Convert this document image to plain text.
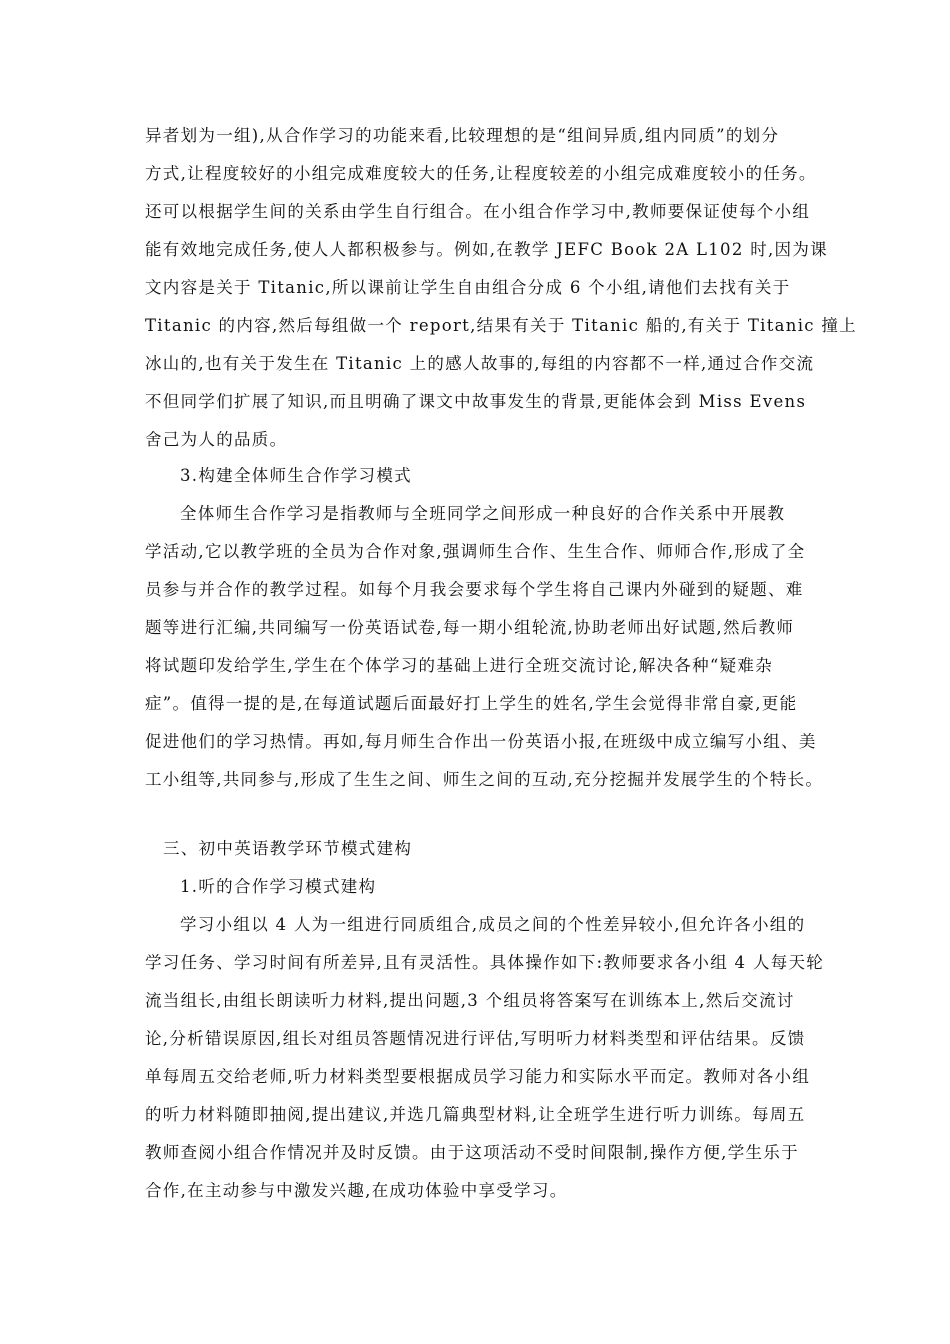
异者划为一组),从合作学习的功能来看,比较理想的是“组间异质,组内同质”的划分
方式,让程度较好的小组完成难度较大的任务,让程度较差的小组完成难度较小的任务。
还可以根据学生间的关系由学生自行组合。在小组合作学习中,教师要保证使每个小组
能有效地完成任务,使人人都积极参与。例如,在教学 JEFC Book 2A L102 时,因为课
文内容是关于 Titanic,所以课前让学生自由组合分成 6 个小组,请他们去找有关于
Titanic 的内容,然后每组做一个 report,结果有关于 Titanic 船的,有关于 Titanic 撞上
冰山的,也有关于发生在 Titanic 上的感人故事的,每组的内容都不一样,通过合作交流
不但同学们扩展了知识,而且明确了课文中故事发生的背景,更能体会到 Miss Evens
舍己为人的品质。
3.构建全体师生合作学习模式
全体师生合作学习是指教师与全班同学之间形成一种良好的合作关系中开展教
学活动,它以教学班的全员为合作对象,强调师生合作、生生合作、师师合作,形成了全
员参与并合作的教学过程。如每个月我会要求每个学生将自己课内外碰到的疑题、难
题等进行汇编,共同编写一份英语试卷,每一期小组轮流,协助老师出好试题,然后教师
将试题印发给学生,学生在个体学习的基础上进行全班交流讨论,解决各种“疑难杂
症”。值得一提的是,在每道试题后面最好打上学生的姓名,学生会觉得非常自豪,更能
促进他们的学习热情。再如,每月师生合作出一份英语小报,在班级中成立编写小组、美
工小组等,共同参与,形成了生生之间、师生之间的互动,充分挖掘并发展学生的个特长。
三、初中英语教学环节模式建构
1.听的合作学习模式建构
学习小组以 4 人为一组进行同质组合,成员之间的个性差异较小,但允许各小组的
学习任务、学习时间有所差异,且有灵活性。具体操作如下:教师要求各小组 4 人每天轮
流当组长,由组长朗读听力材料,提出问题,3 个组员将答案写在训练本上,然后交流讨
论,分析错误原因,组长对组员答题情况进行评估,写明听力材料类型和评估结果。反馈
单每周五交给老师,听力材料类型要根据成员学习能力和实际水平而定。教师对各小组
的听力材料随即抽阅,提出建议,并选几篇典型材料,让全班学生进行听力训练。每周五
教师查阅小组合作情况并及时反馈。由于这项活动不受时间限制,操作方便,学生乐于
合作,在主动参与中激发兴趣,在成功体验中享受学习。
